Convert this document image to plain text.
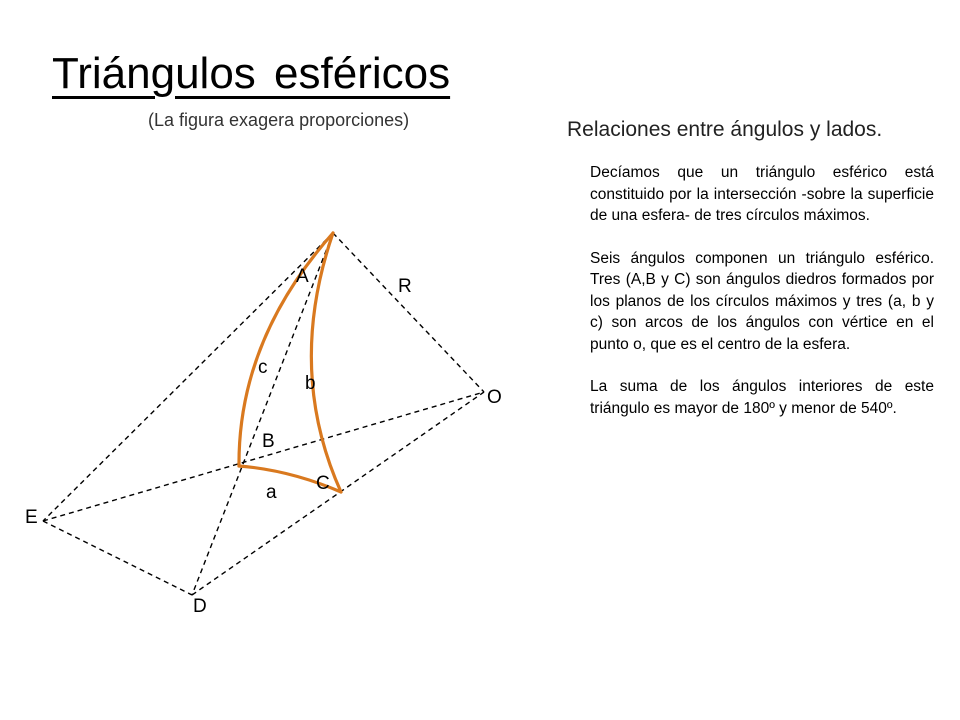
Triángulos esféricos
(La figura exagera proporciones)	Relaciones entre ángulos y lados.

Decíamos que un triángulo esférico está constituido por la intersección -sobre la superficie de una esfera- de tres círculos máximos.

Seis ángulos componen un triángulo esférico. Tres (A,B y C) son ángulos diedros formados por los planos de los círculos máximos y tres (a, b y c) son arcos de los ángulos con vértice en el punto o, que es el centro de la esfera.

La suma de los ángulos interiores de este triángulo es mayor de 180º y menor de 540º.

A	R
c
b
O
B
C
a
E
D
